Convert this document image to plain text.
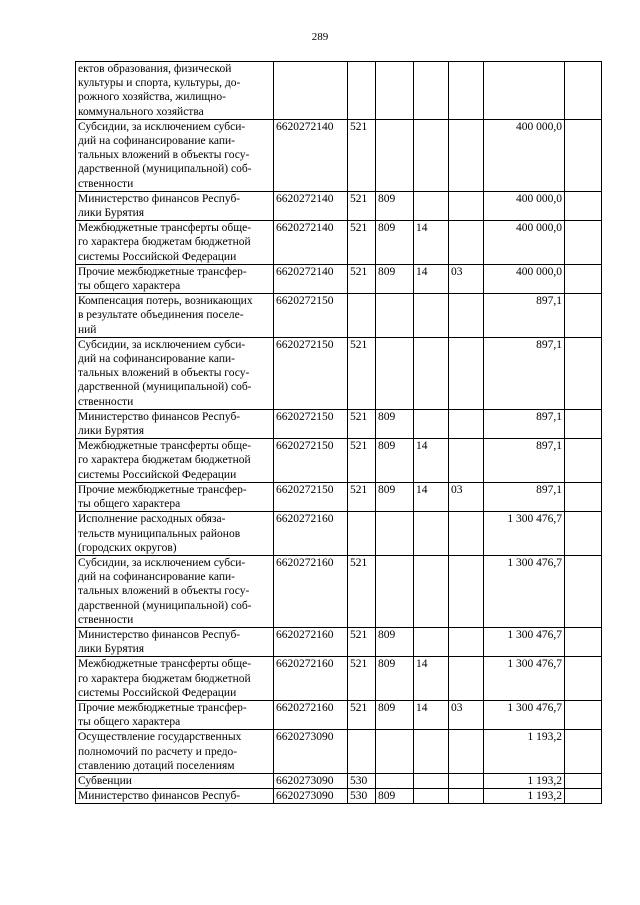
289
ектов образования, физической
культуры и спорта, культуры, до-
рожного хозяйства, жилищно-
коммунального хозяйства							

Субсидии, за исключением субси-
дий на софинансирование капи-
тальных вложений в объекты госу-
дарственной (муниципальной) соб-
ственности	6620272140	521				400 000,0	

Министерство финансов Респуб-
лики Бурятия	6620272140	521	809			400 000,0	

Межбюджетные трансферты обще-
го характера бюджетам бюджетной
системы Российской Федерации	6620272140	521	809	14		400 000,0	

Прочие межбюджетные трансфер-
ты общего характера	6620272140	521	809	14	03	400 000,0	

Компенсация потерь, возникающих
в результате объединения поселе-
ний	6620272150					897,1	

Субсидии, за исключением субси-
дий на софинансирование капи-
тальных вложений в объекты госу-
дарственной (муниципальной) соб-
ственности	6620272150	521				897,1	

Министерство финансов Респуб-
лики Бурятия	6620272150	521	809			897,1	

Межбюджетные трансферты обще-
го характера бюджетам бюджетной
системы Российской Федерации	6620272150	521	809	14		897,1	

Прочие межбюджетные трансфер-
ты общего характера	6620272150	521	809	14	03	897,1	

Исполнение расходных обяза-
тельств муниципальных районов
(городских округов)	6620272160					1 300 476,7	

Субсидии, за исключением субси-
дий на софинансирование капи-
тальных вложений в объекты госу-
дарственной (муниципальной) соб-
ственности	6620272160	521				1 300 476,7	

Министерство финансов Респуб-
лики Бурятия	6620272160	521	809			1 300 476,7	

Межбюджетные трансферты обще-
го характера бюджетам бюджетной
системы Российской Федерации	6620272160	521	809	14		1 300 476,7	

Прочие межбюджетные трансфер-
ты общего характера	6620272160	521	809	14	03	1 300 476,7	

Осуществление государственных
полномочий по расчету и предо-
ставлению дотаций поселениям	6620273090					1 193,2	

Субвенции	6620273090	530				1 193,2	

Министерство финансов Респуб-	6620273090	530	809			1 193,2	
